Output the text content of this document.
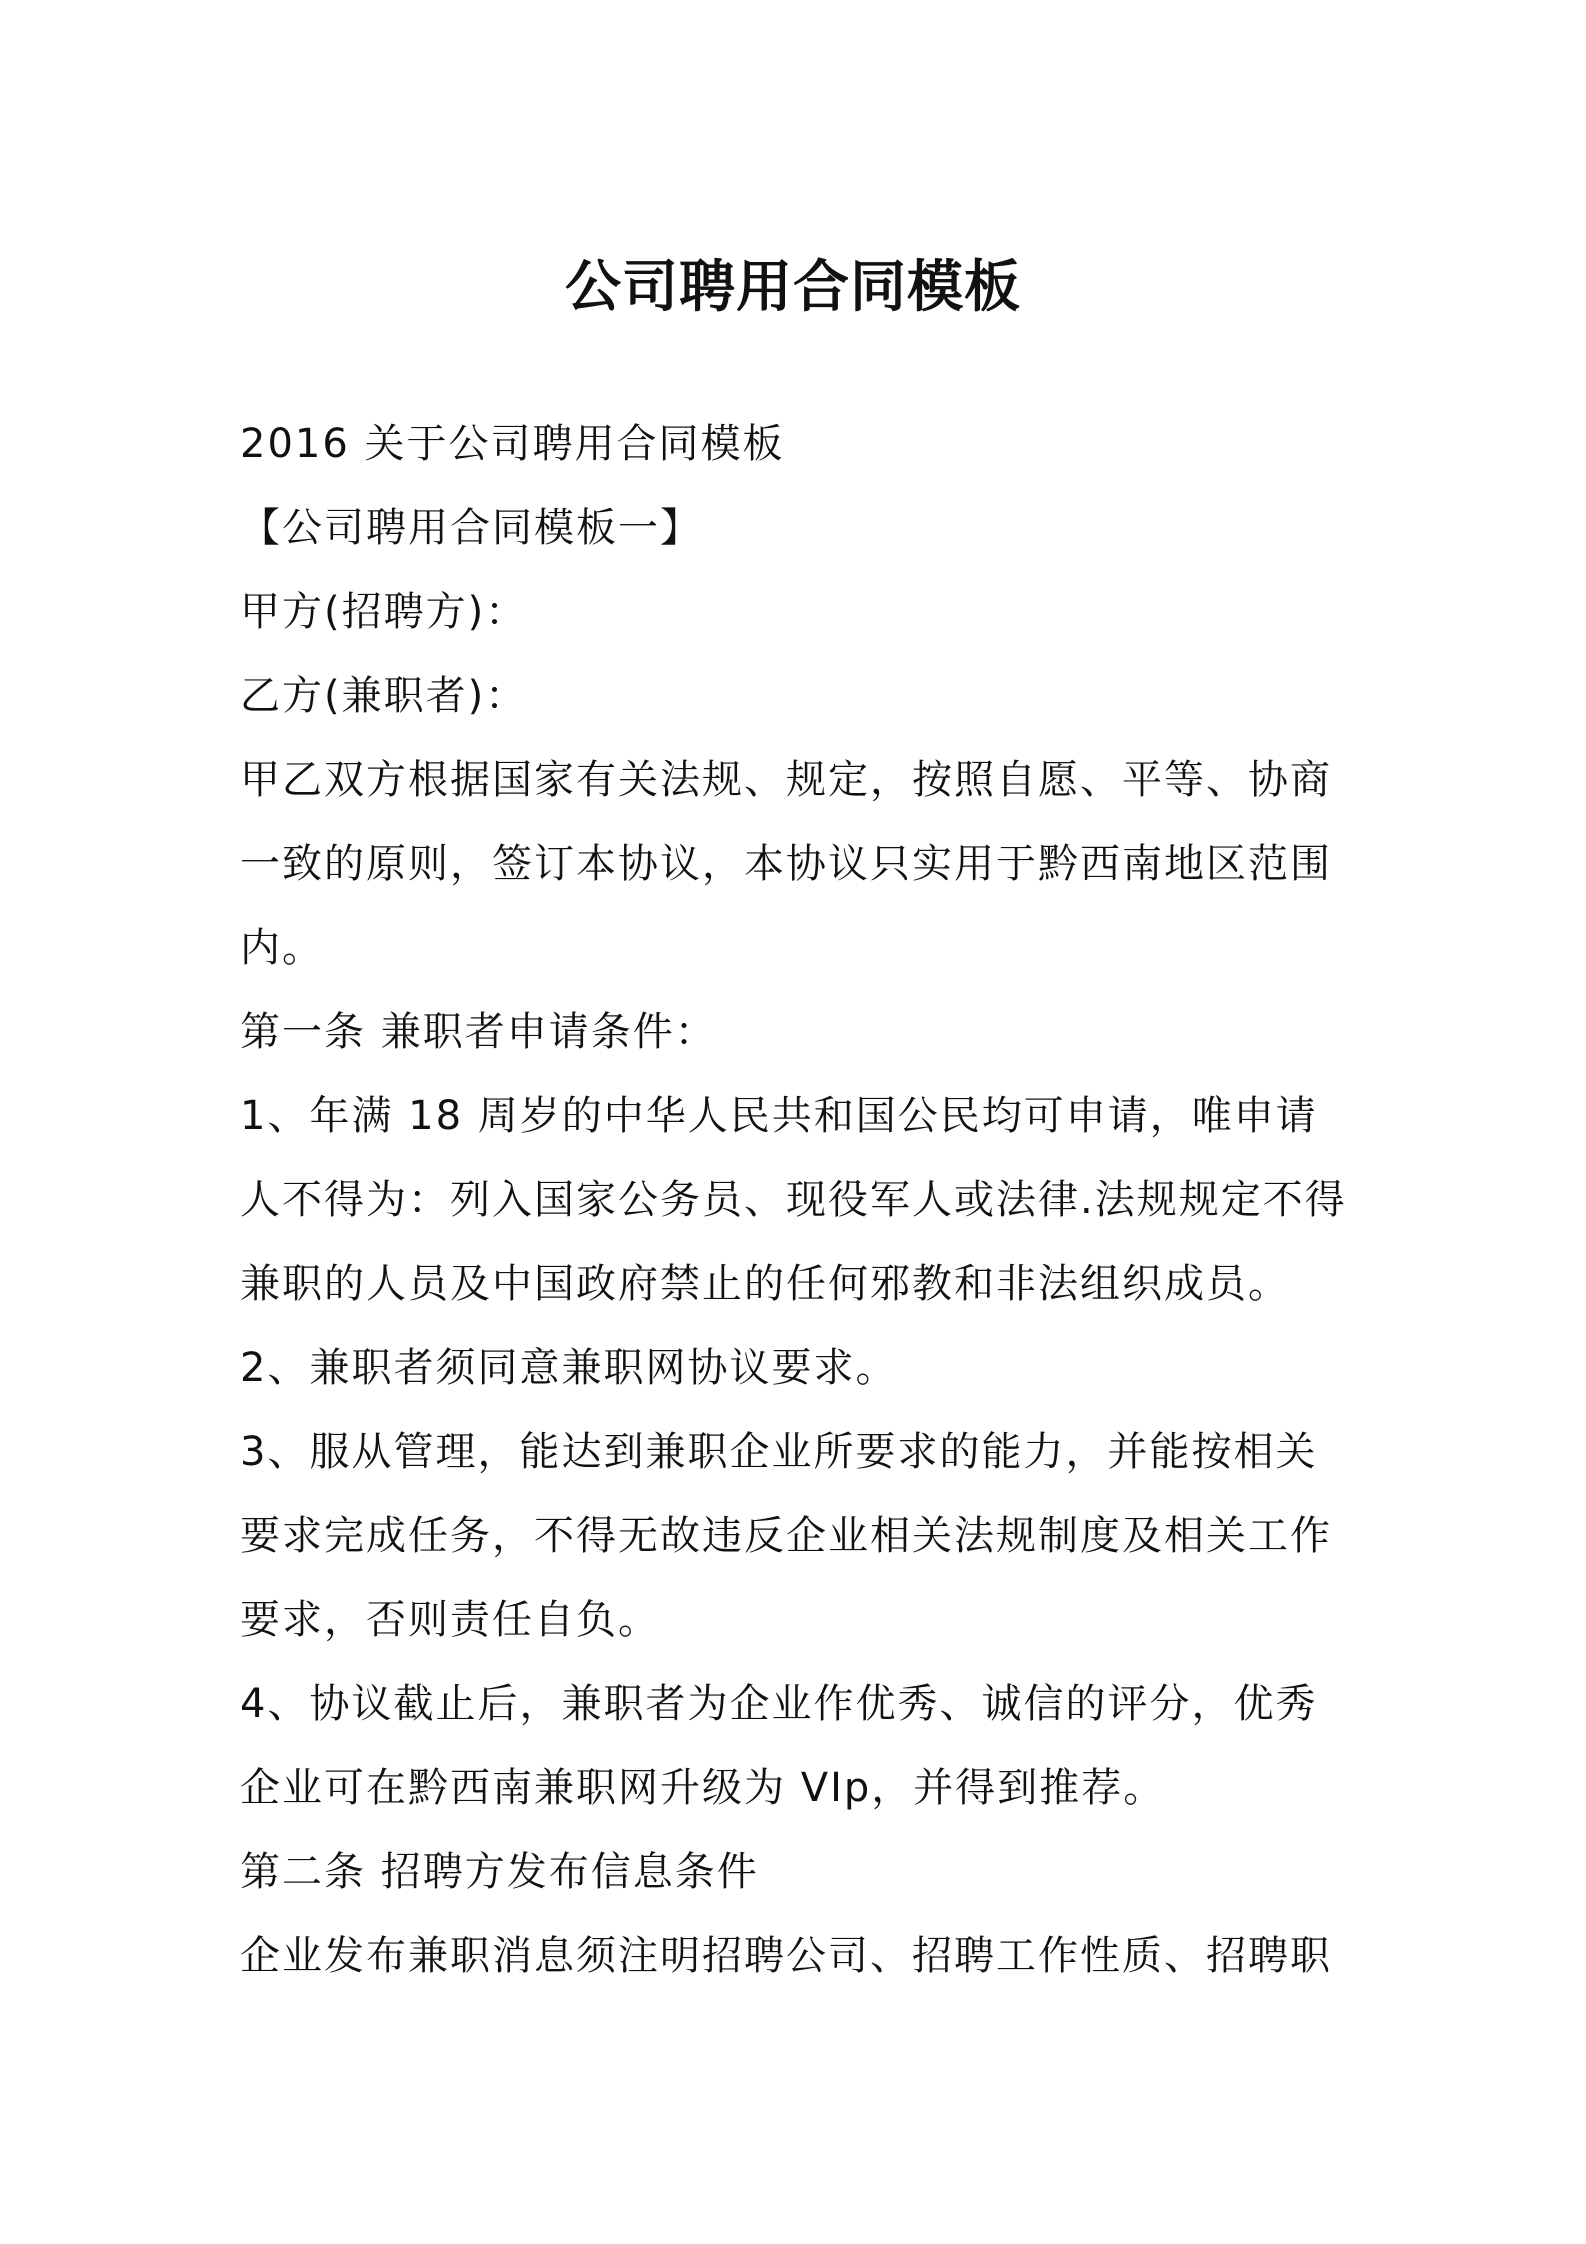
公司聘用合同模板

2016 关于公司聘用合同模板

【公司聘用合同模板一】

甲方(招聘方)：

乙方(兼职者)：

甲乙双方根据国家有关法规、规定，按照自愿、平等、协商一致的原则，签订本协议，本协议只实用于黔西南地区范围内。

第一条 兼职者申请条件：

1、年满 18 周岁的中华人民共和国公民均可申请，唯申请人不得为：列入国家公务员、现役军人或法律.法规规定不得兼职的人员及中国政府禁止的任何邪教和非法组织成员。

2、兼职者须同意兼职网协议要求。

3、服从管理，能达到兼职企业所要求的能力，并能按相关要求完成任务，不得无故违反企业相关法规制度及相关工作要求，否则责任自负。

4、协议截止后，兼职者为企业作优秀、诚信的评分，优秀企业可在黔西南兼职网升级为 VIp，并得到推荐。

第二条 招聘方发布信息条件

企业发布兼职消息须注明招聘公司、招聘工作性质、招聘职
